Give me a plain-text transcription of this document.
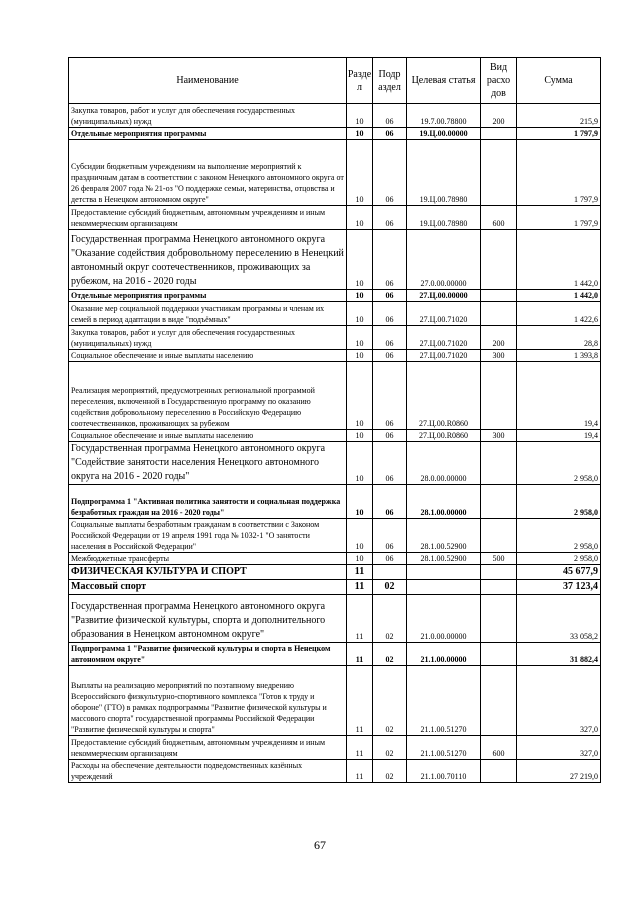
Наименование	Разде л	Подр аздел	Целевая статья	Вид расхо дов	Сумма
Закупка товаров, работ и услуг для обеспечения государственных (муниципальных) нужд	10	06	19.7.00.78800	200	215,9
Отдельные мероприятия программы	10	06	19.Ц.00.00000		1 797,9
Субсидии бюджетным учреждениям на выполнение мероприятий к праздничным датам в соответствии с законом Ненецкого автономного округа от 26 февраля 2007 года № 21-оз "О поддержке семьи, материнства, отцовства и детства в Ненецком автономном округе"	10	06	19.Ц.00.78980		1 797,9
Предоставление субсидий бюджетным, автономным учреждениям и иным некоммерческим организациям	10	06	19.Ц.00.78980	600	1 797,9
Государственная программа Ненецкого автономного округа "Оказание содействия добровольному переселению в Ненецкий автономный округ соотечественников, проживающих за рубежом, на 2016 - 2020 годы	10	06	27.0.00.00000		1 442,0
Отдельные мероприятия программы	10	06	27.Ц.00.00000		1 442,0
Оказание мер социальной поддержки участникам программы и членам их семей в период адаптации в виде "подъёмных"	10	06	27.Ц.00.71020		1 422,6
Закупка товаров, работ и услуг для обеспечения государственных (муниципальных) нужд	10	06	27.Ц.00.71020	200	28,8
Социальное обеспечение и иные выплаты населению	10	06	27.Ц.00.71020	300	1 393,8
Реализация мероприятий, предусмотренных региональной программой переселения, включенной в Государственную программу по оказанию содействия добровольному переселению в Российскую Федерацию соотечественников, проживающих за рубежом	10	06	27.Ц.00.R0860		19,4
Социальное обеспечение и иные выплаты населению	10	06	27.Ц.00.R0860	300	19,4
Государственная программа Ненецкого автономного округа "Содействие занятости населения Ненецкого автономного округа на 2016 - 2020 годы"	10	06	28.0.00.00000		2 958,0
Подпрограмма 1 "Активная политика занятости и социальная поддержка безработных граждан на 2016 - 2020 годы"	10	06	28.1.00.00000		2 958,0
Социальные выплаты безработным гражданам в соответствии с Законом Российской Федерации от 19 апреля 1991 года № 1032-1 "О занятости населения в Российской Федерации"	10	06	28.1.00.52900		2 958,0
Межбюджетные трансферты	10	06	28.1.00.52900	500	2 958,0
ФИЗИЧЕСКАЯ КУЛЬТУРА И СПОРТ	11				45 677,9
Массовый спорт	11	02			37 123,4
Государственная программа Ненецкого автономного округа "Развитие физической культуры, спорта и дополнительного образования в Ненецком автономном округе"	11	02	21.0.00.00000		33 058,2
Подпрограмма 1 "Развитие физической культуры и спорта в Ненецком автономном округе"	11	02	21.1.00.00000		31 882,4
Выплаты на реализацию мероприятий по поэтапному внедрению Всероссийского физкультурно-спортивного комплекса "Готов к труду и обороне" (ГТО) в рамках подпрограммы "Развитие физической культуры и массового спорта" государственной программы Российской Федерации "Развитие физической культуры и спорта"	11	02	21.1.00.51270		327,0
Предоставление субсидий бюджетным, автономным учреждениям и иным некоммерческим организациям	11	02	21.1.00.51270	600	327,0
Расходы на обеспечение деятельности подведомственных казённых учреждений	11	02	21.1.00.70110		27 219,0
67
